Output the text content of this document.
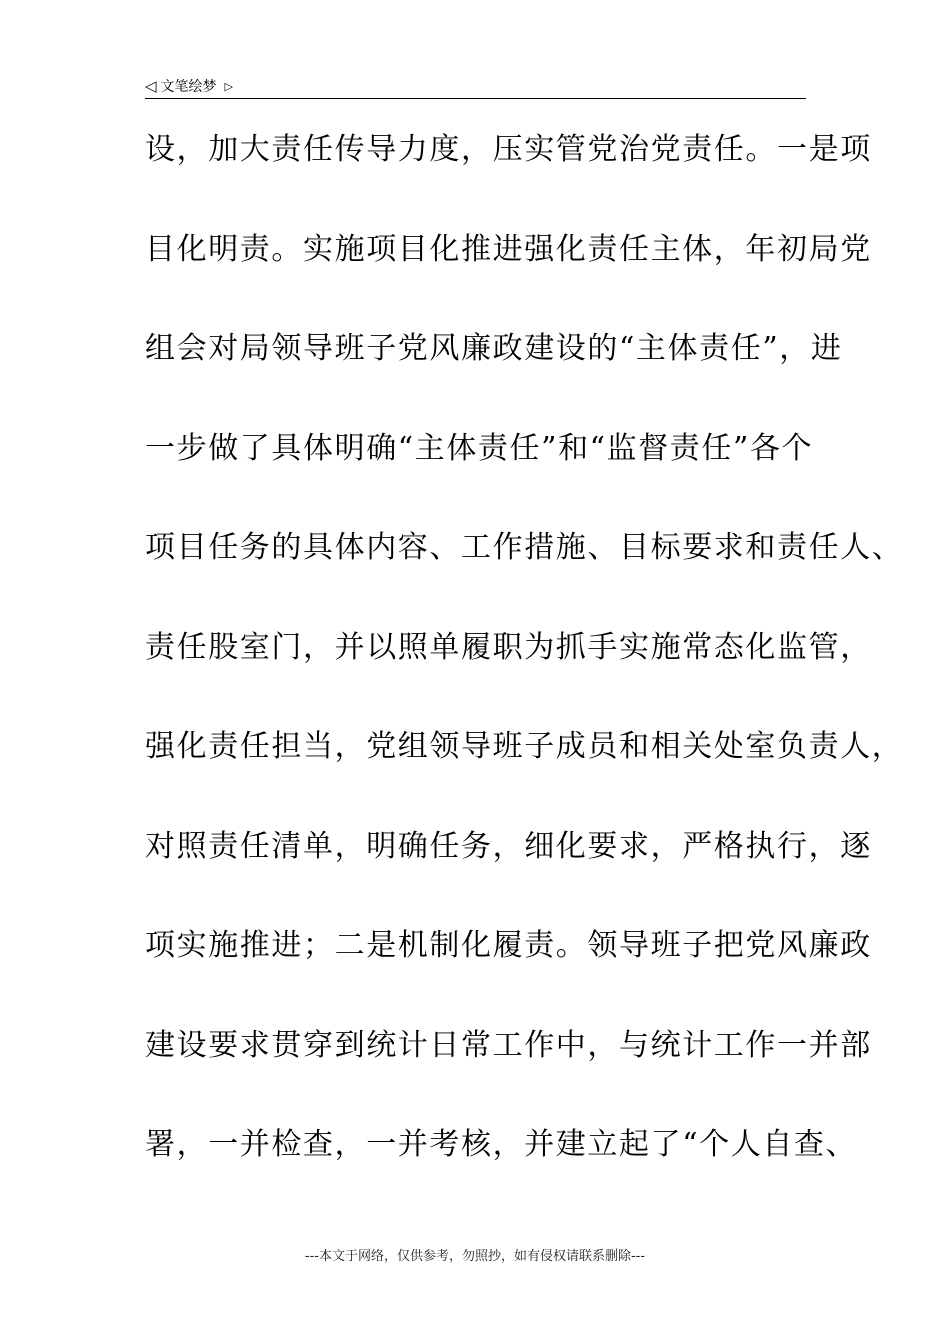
◁ 文笔绘梦 ▷
设，加大责任传导力度，压实管党治党责任。一是项
目化明责。实施项目化推进强化责任主体，年初局党
组会对局领导班子党风廉政建设的“主体责任”，进
一步做了具体明确“主体责任”和“监督责任”各个
项目任务的具体内容、工作措施、目标要求和责任人、
责任股室门，并以照单履职为抓手实施常态化监管，
强化责任担当，党组领导班子成员和相关处室负责人，
对照责任清单，明确任务，细化要求，严格执行，逐
项实施推进；二是机制化履责。领导班子把党风廉政
建设要求贯穿到统计日常工作中，与统计工作一并部
署，一并检查，一并考核，并建立起了“个人自查、
---本文于网络，仅供参考，勿照抄，如有侵权请联系删除---
